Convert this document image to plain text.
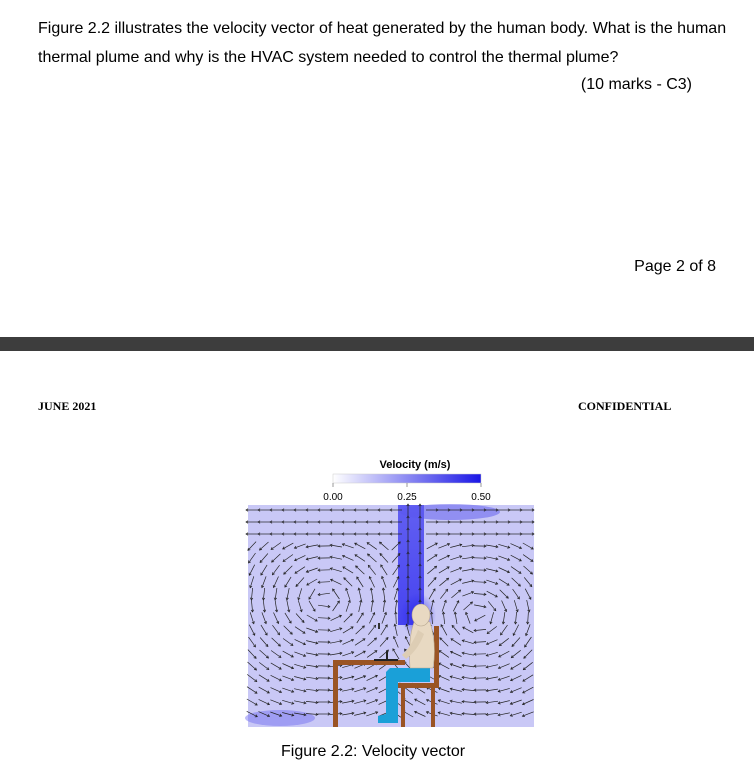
Figure 2.2 illustrates the velocity vector of heat generated by the human body. What is the human thermal plume and why is the HVAC system needed to control the thermal plume?

(10 marks - C3)
Page 2 of 8
JUNE 2021	CONFIDENTIAL
Velocity (m/s)
0.00	0.25	0.50
Figure 2.2: Velocity vector
